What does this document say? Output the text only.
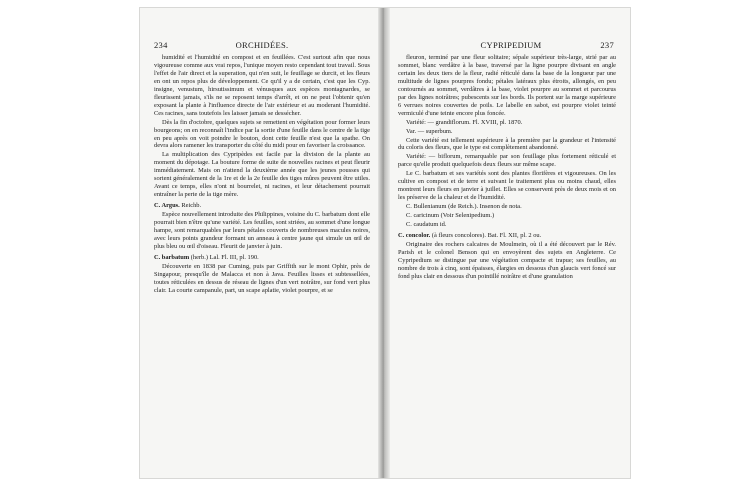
234	ORCHIDÉES.

humidité et l'humidité en compost et en feuillées. C'est surtout afin que nous vigoureuse comme aux vrai repos, l'unique moyen resto cependant tout travail. Sous l'effet de l'air direct et la superation, qui n'en suit, le feuillage se durcit, et les fleurs en ont un repos plus de développement. Ce qu'il y a de certain, c'est que les Cyp. insigne, venustum, hirsutissimum et vénusques aux espèces montagnardes, se fleurissent jamais, s'ils ne se reposent temps d'arrêt, et on ne peut l'obtenir qu'en exposant la plante à l'influence directe de l'air extérieur et au moderant l'humidité. Ces racines, sans toutefois les laisser jamais se dessécher.

Dès la fin d'octobre, quelques sujets se remettent en végétation pour former leurs bourgeons; on en reconnaît l'indice par la sortie d'une feuille dans le centre de la tige en peu après on voit poindre le bouton, dont cette feuille n'est que la spathe. On devra alors ramener les transporter du côté du midi pour en favoriser la croissance.

La multiplication des Cypripèdes est facile par la division de la plante au moment du dépotage. La bouture forme de suite de nouvelles racines et peut fleurir immédiatement. Mais on n'attend la deuxième année que les jeunes pousses qui sortent généralement de la 1re et de la 2e feuille des tiges mûres peuvent être utiles. Avant ce temps, elles n'ont ni bourrelet, ni racines, et leur détachement pourrait entraîner la perte de la tige mère.

C. Argus. Reichb.

Espèce nouvellement introduite des Philippines, voisine du C. barbatum dont elle pourrait bien n'être qu'une variété. Les feuilles, sont striées, au sommet d'une longue hampe, sont remarquables par leurs pétales couverts de nombreuses macules noires, avec leurs points grandeur formant un anneau à centre jaune qui simule un œil de plus bleu ou œil d'oiseau. Fleurit de janvier à juin.

C. barbatum (herb.) Lal. Fl. III, pl. 190.

Découverte en 1838 par Cuming, puis par Griffith sur le mont Ophir, près de Singapour, presqu'île de Malacca et non à Java. Feuilles lisses et subtessellées, toutes réticulées en dessus de réseau de lignes d'un vert noirâtre, sur fond vert plus clair. La courte campanule, part, un scape aplatie, violet pourpre, et se

CYPRIPEDIUM	237

fleuron, terminé par une fleur solitaire; sépale supérieur très-large, strié par au sommet, blanc verdâtre à la base, traversé par la ligne pourpre divisant en angle certain les deux tiers de la fleur, radié réticulé dans la base de la longueur par une multitude de lignes pourpres fondu; pétales latéraux plus étroits, allongés, en peu contournés au sommet, verdâtres à la base, violet pourpre au sommet et parcourus par des lignes noirâtres; pubescents sur les bords. Ils portent sur la marge supérieure 6 verrues noires couvertes de poils. Le labelle en sabot, est pourpre violet teinté vermiculé d'une teinte encore plus foncée.

Variété: — grandiflorum. Fl. XVIII, pl. 1870.

Var. — superbum.

Cette variété est tellement supérieure à la première par la grandeur et l'intensité du coloris des fleurs, que le type est complètement abandonné.

Variété: — biflorum, remarquable par son feuillage plus fortement réticulé et parce qu'elle produit quelquefois deux fleurs sur même scape.

Le C. barbatum et ses variétés sont des plantes florifères et vigoureuses. On les cultive en compost et de terre et suivant le traitement plus ou moins chaud, elles montrent leurs fleurs en janvier à juillet. Elles se conservent près de deux mois et on les préserve de la chaleur et de l'humidité.

C. Bullenianum (de Reich.). Insenon de nota.

C. caricinum (Voir Selenipedium.)

C. caudatum id.

C. concolor. (à fleurs concolores). Bat. Fl. XII, pl. 2 ou.

Originaire des rochers calcaires de Moulmein, où il a été découvert par le Rév. Parish et le colonel Benson qui en envoyèrent des sujets en Angleterre. Ce Cypripedium se distingue par une végétation compacte et trapue; ses feuilles, au nombre de trois à cinq, sont épaisses, élargies en dessous d'un glaucis vert foncé sur fond plus clair en dessous d'un pointillé noirâtre et d'une granulation
